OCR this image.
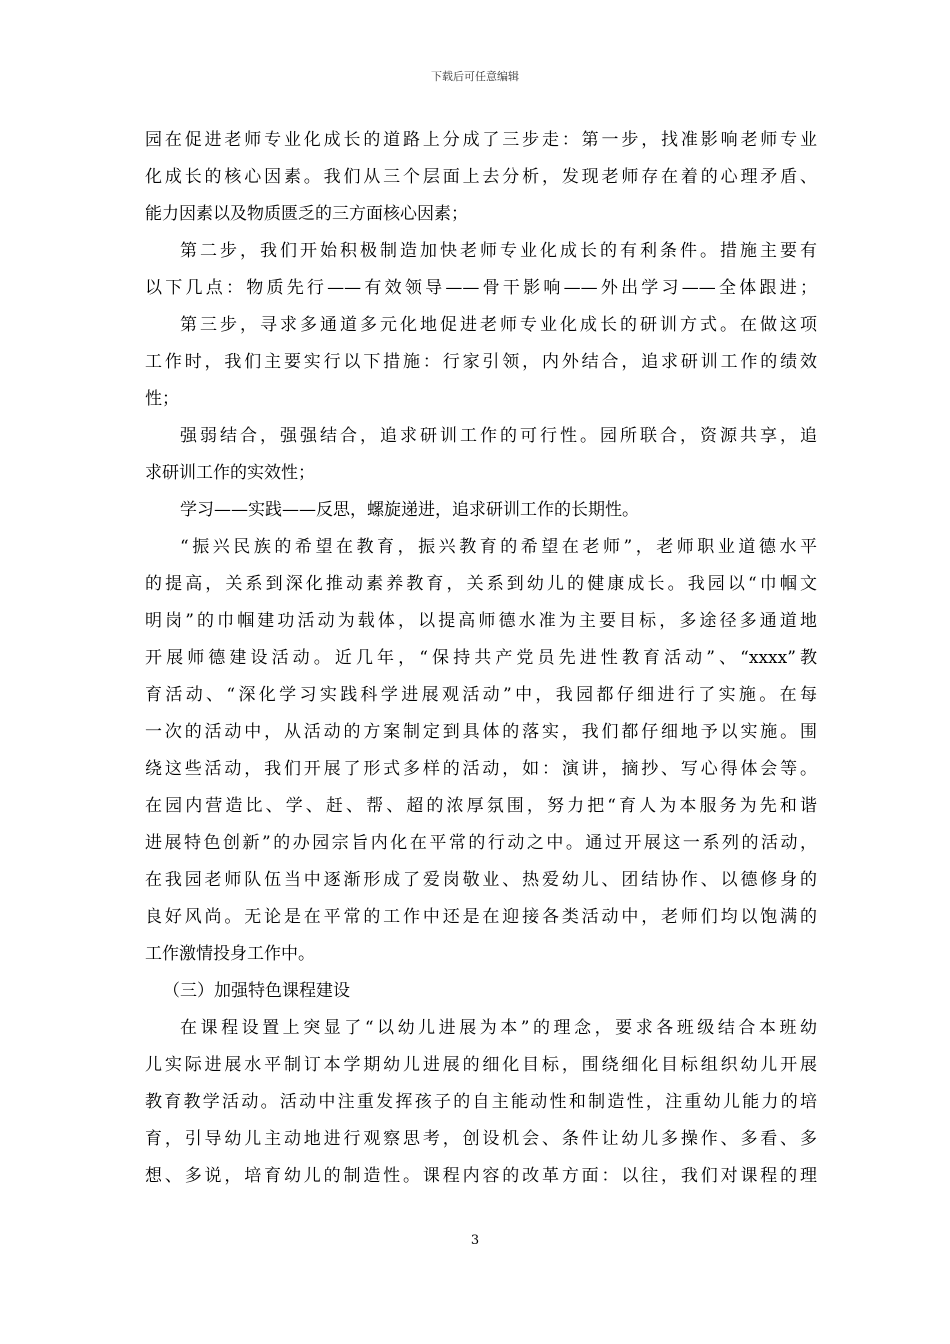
下载后可任意编辑
园在促进老师专业化成长的道路上分成了三步走：第一步，找准影响老师专业
化成长的核心因素。我们从三个层面上去分析，发现老师存在着的心理矛盾、
能力因素以及物质匮乏的三方面核心因素；
第二步，我们开始积极制造加快老师专业化成长的有利条件。措施主要有
以下几点：物质先行——有效领导——骨干影响——外出学习——全体跟进；
第三步，寻求多通道多元化地促进老师专业化成长的研训方式。在做这项
工作时，我们主要实行以下措施：行家引领，内外结合，追求研训工作的绩效
性；
强弱结合，强强结合，追求研训工作的可行性。园所联合，资源共享，追
求研训工作的实效性；
学习——实践——反思，螺旋递进，追求研训工作的长期性。
“振兴民族的希望在教育，振兴教育的希望在老师”，老师职业道德水平
的提高，关系到深化推动素养教育，关系到幼儿的健康成长。我园以“巾帼文
明岗”的巾帼建功活动为载体，以提高师德水准为主要目标，多途径多通道地
开展师德建设活动。近几年，“保持共产党员先进性教育活动”、“xxxx”教
育活动、“深化学习实践科学进展观活动”中，我园都仔细进行了实施。在每
一次的活动中，从活动的方案制定到具体的落实，我们都仔细地予以实施。围
绕这些活动，我们开展了形式多样的活动，如：演讲，摘抄、写心得体会等。
在园内营造比、学、赶、帮、超的浓厚氛围，努力把“育人为本服务为先和谐
进展特色创新”的办园宗旨内化在平常的行动之中。通过开展这一系列的活动，
在我园老师队伍当中逐渐形成了爱岗敬业、热爱幼儿、团结协作、以德修身的
良好风尚。无论是在平常的工作中还是在迎接各类活动中，老师们均以饱满的
工作激情投身工作中。
（三）加强特色课程建设
在课程设置上突显了“以幼儿进展为本”的理念，要求各班级结合本班幼
儿实际进展水平制订本学期幼儿进展的细化目标，围绕细化目标组织幼儿开展
教育教学活动。活动中注重发挥孩子的自主能动性和制造性，注重幼儿能力的培
育，引导幼儿主动地进行观察思考，创设机会、条件让幼儿多操作、多看、多
想、多说，培育幼儿的制造性。课程内容的改革方面：以往，我们对课程的理
3
